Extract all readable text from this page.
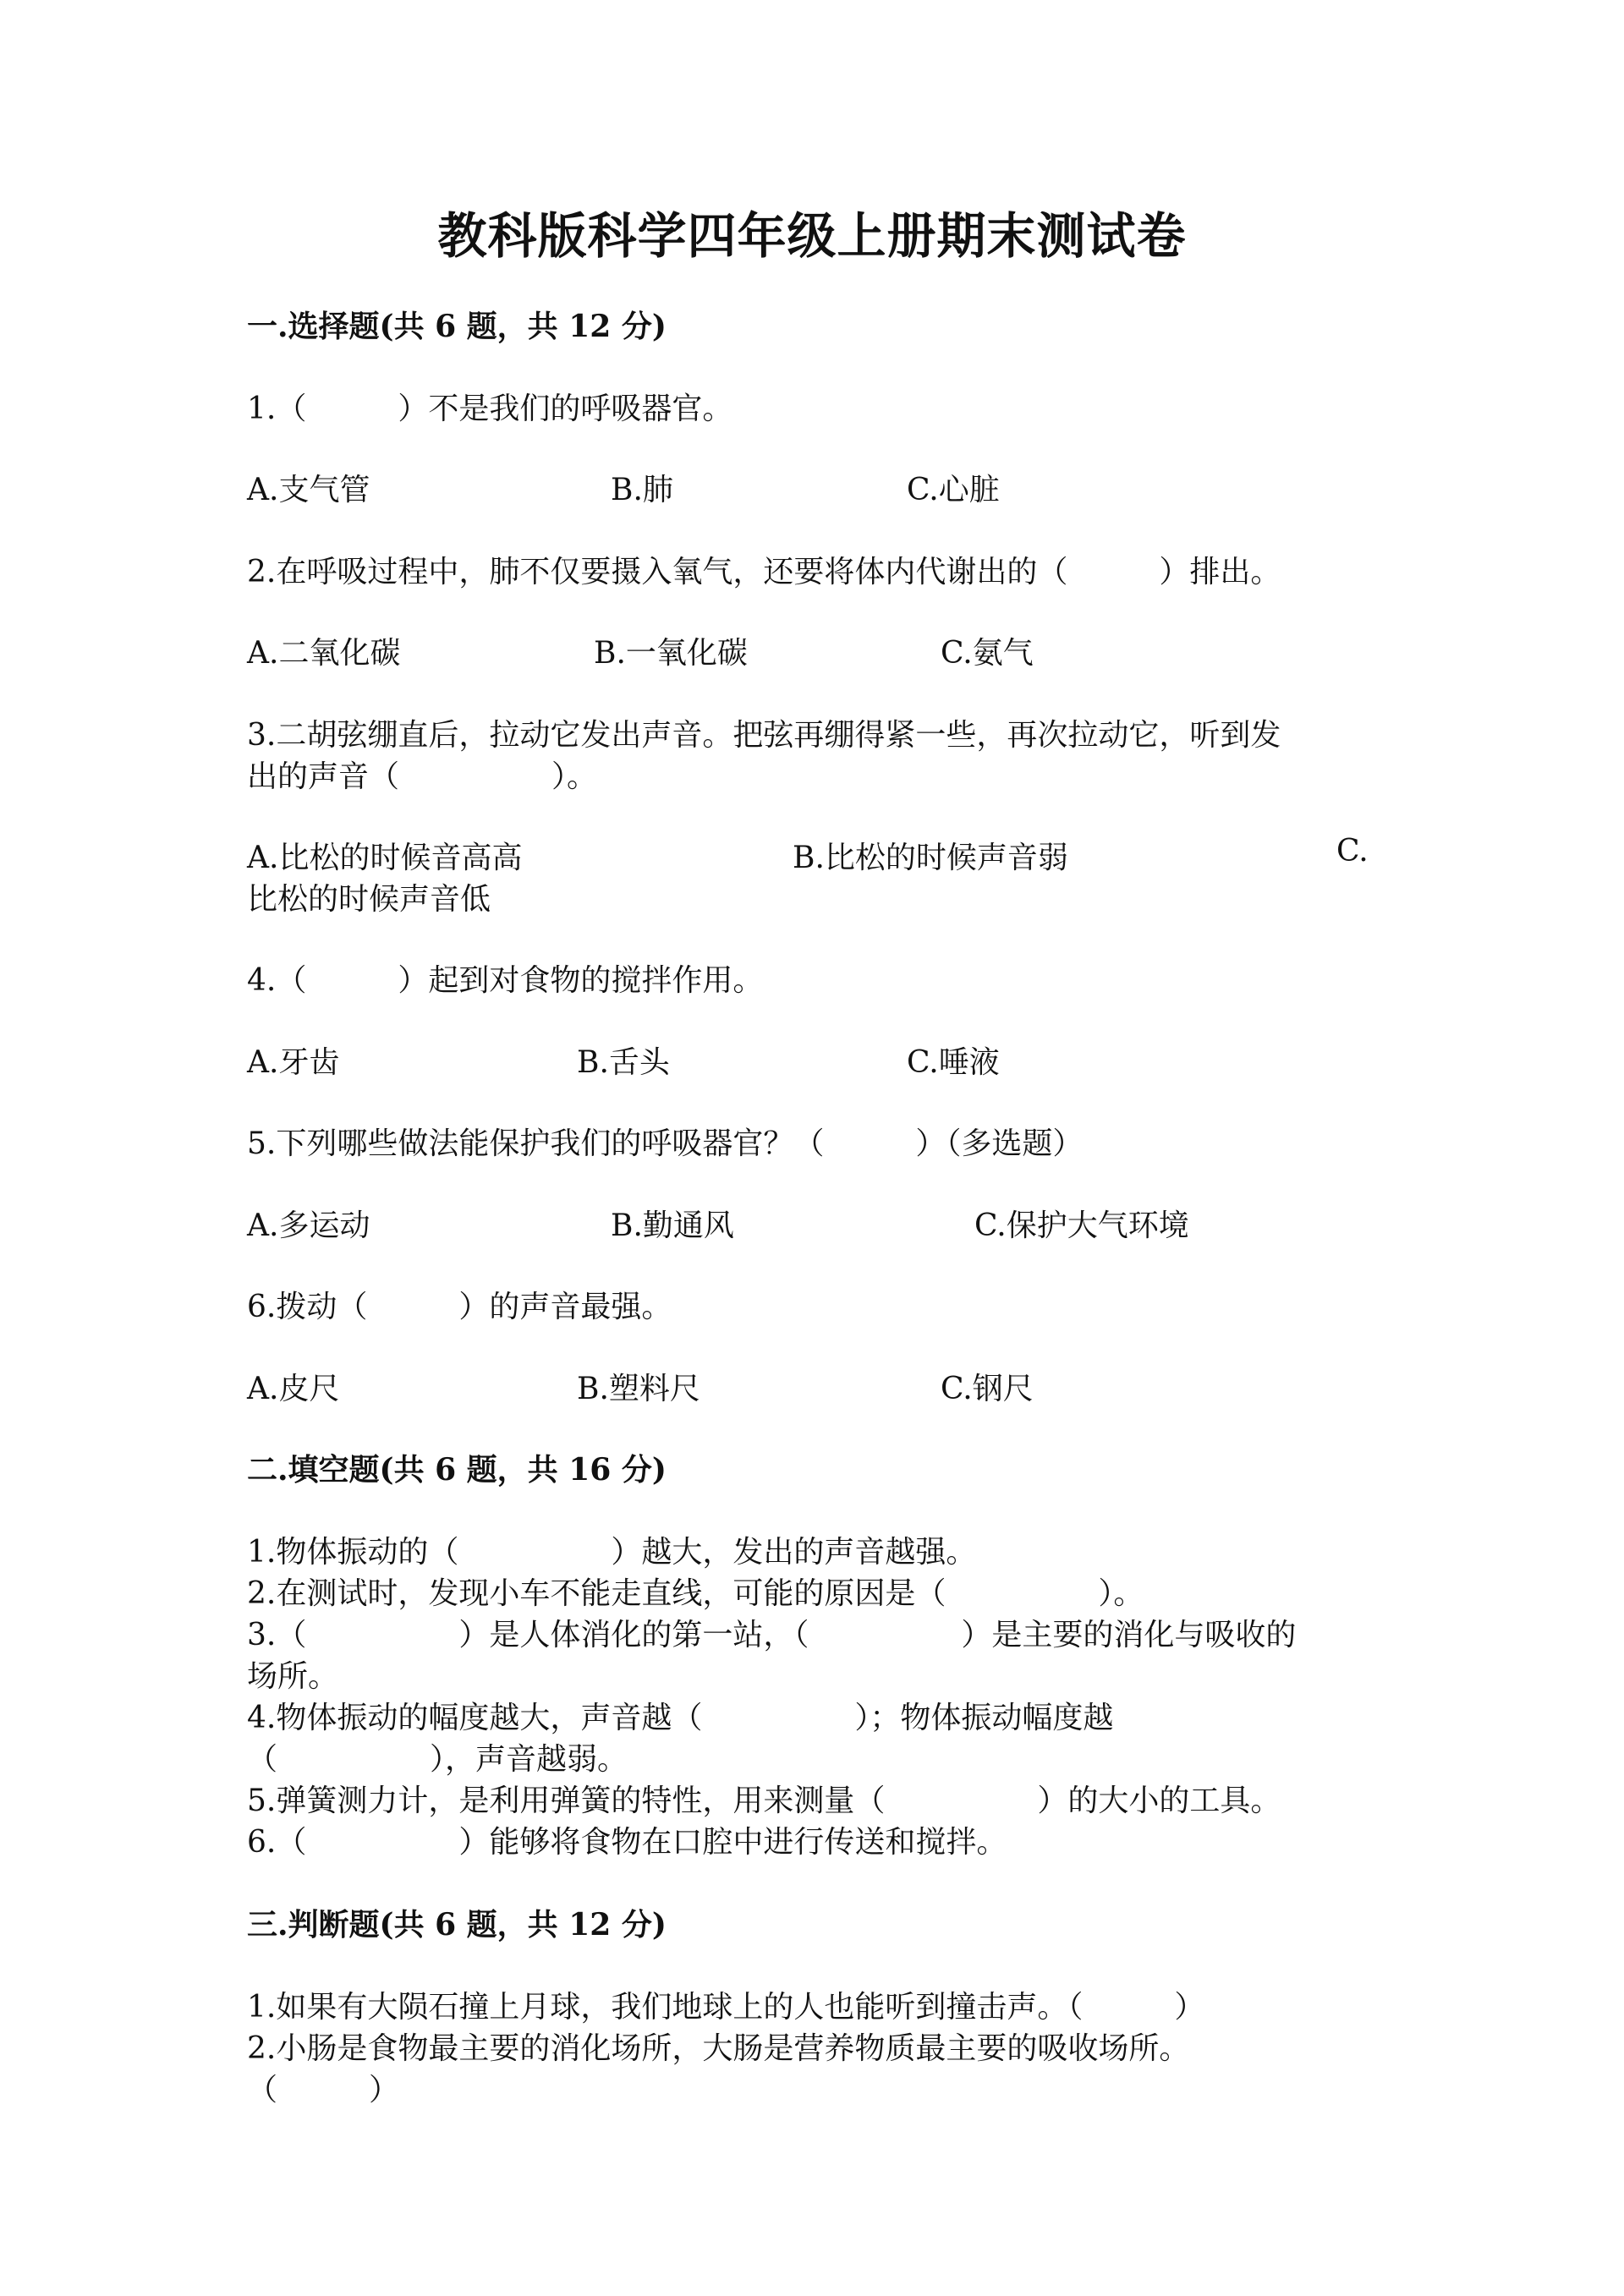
教科版科学四年级上册期末测试卷
一.选择题(共 6 题，共 12 分)
1.（　　　）不是我们的呼吸器官。
A.支气管	B.肺	C.心脏
2.在呼吸过程中，肺不仅要摄入氧气，还要将体内代谢出的（　　　）排出。
A.二氧化碳	B.一氧化碳	C.氨气
3.二胡弦绷直后，拉动它发出声音。把弦再绷得紧一些，再次拉动它，听到发
出的声音（　　　　　）。
A.比松的时候音高高	B.比松的时候声音弱	C.
比松的时候声音低
4.（　　　）起到对食物的搅拌作用。
A.牙齿	B.舌头	C.唾液
5.下列哪些做法能保护我们的呼吸器官？（　　　）（多选题）
A.多运动	B.勤通风	C.保护大气环境
6.拨动（　　　）的声音最强。
A.皮尺	B.塑料尺	C.钢尺
二.填空题(共 6 题，共 16 分)
1.物体振动的（　　　　　）越大，发出的声音越强。
2.在测试时，发现小车不能走直线，可能的原因是（　　　　　）。
3.（　　　　　）是人体消化的第一站，（　　　　　）是主要的消化与吸收的
场所。
4.物体振动的幅度越大，声音越（　　　　　）；物体振动幅度越
（　　　　　），声音越弱。
5.弹簧测力计，是利用弹簧的特性，用来测量（　　　　　）的大小的工具。
6.（　　　　　）能够将食物在口腔中进行传送和搅拌。
三.判断题(共 6 题，共 12 分)
1.如果有大陨石撞上月球，我们地球上的人也能听到撞击声。（　　　）
2.小肠是食物最主要的消化场所，大肠是营养物质最主要的吸收场所。
（　　　）
